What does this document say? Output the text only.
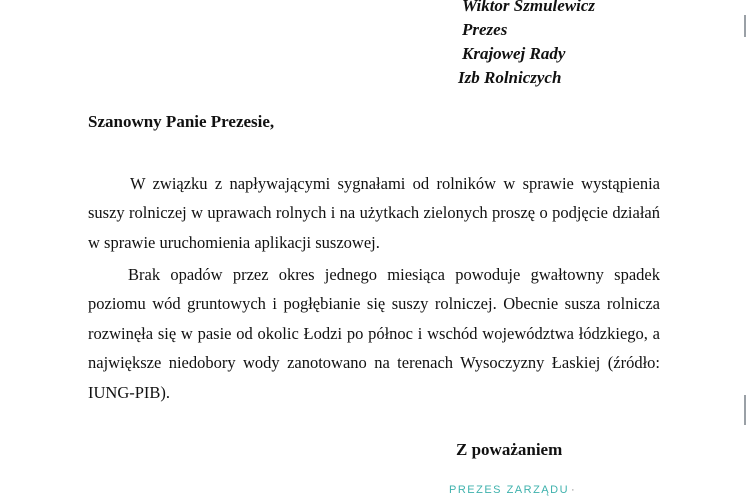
Wiktor Szmulewicz
Prezes
Krajowej Rady
Izb Rolniczych
Szanowny Panie Prezesie,

W związku z napływającymi sygnałami od rolników w sprawie wystąpienia suszy rolniczej w uprawach rolnych i na użytkach zielonych proszę o podjęcie działań w sprawie uruchomienia aplikacji suszowej.

Brak opadów przez okres jednego miesiąca powoduje gwałtowny spadek poziomu wód gruntowych i pogłębianie się suszy rolniczej. Obecnie susza rolnicza rozwinęła się w pasie od okolic Łodzi po północ i wschód województwa łódzkiego, a największe niedobory wody zanotowano na terenach Wysoczyzny Łaskiej (źródło: IUNG-PIB).

Z poważaniem
PREZES ZARZĄDU ·
